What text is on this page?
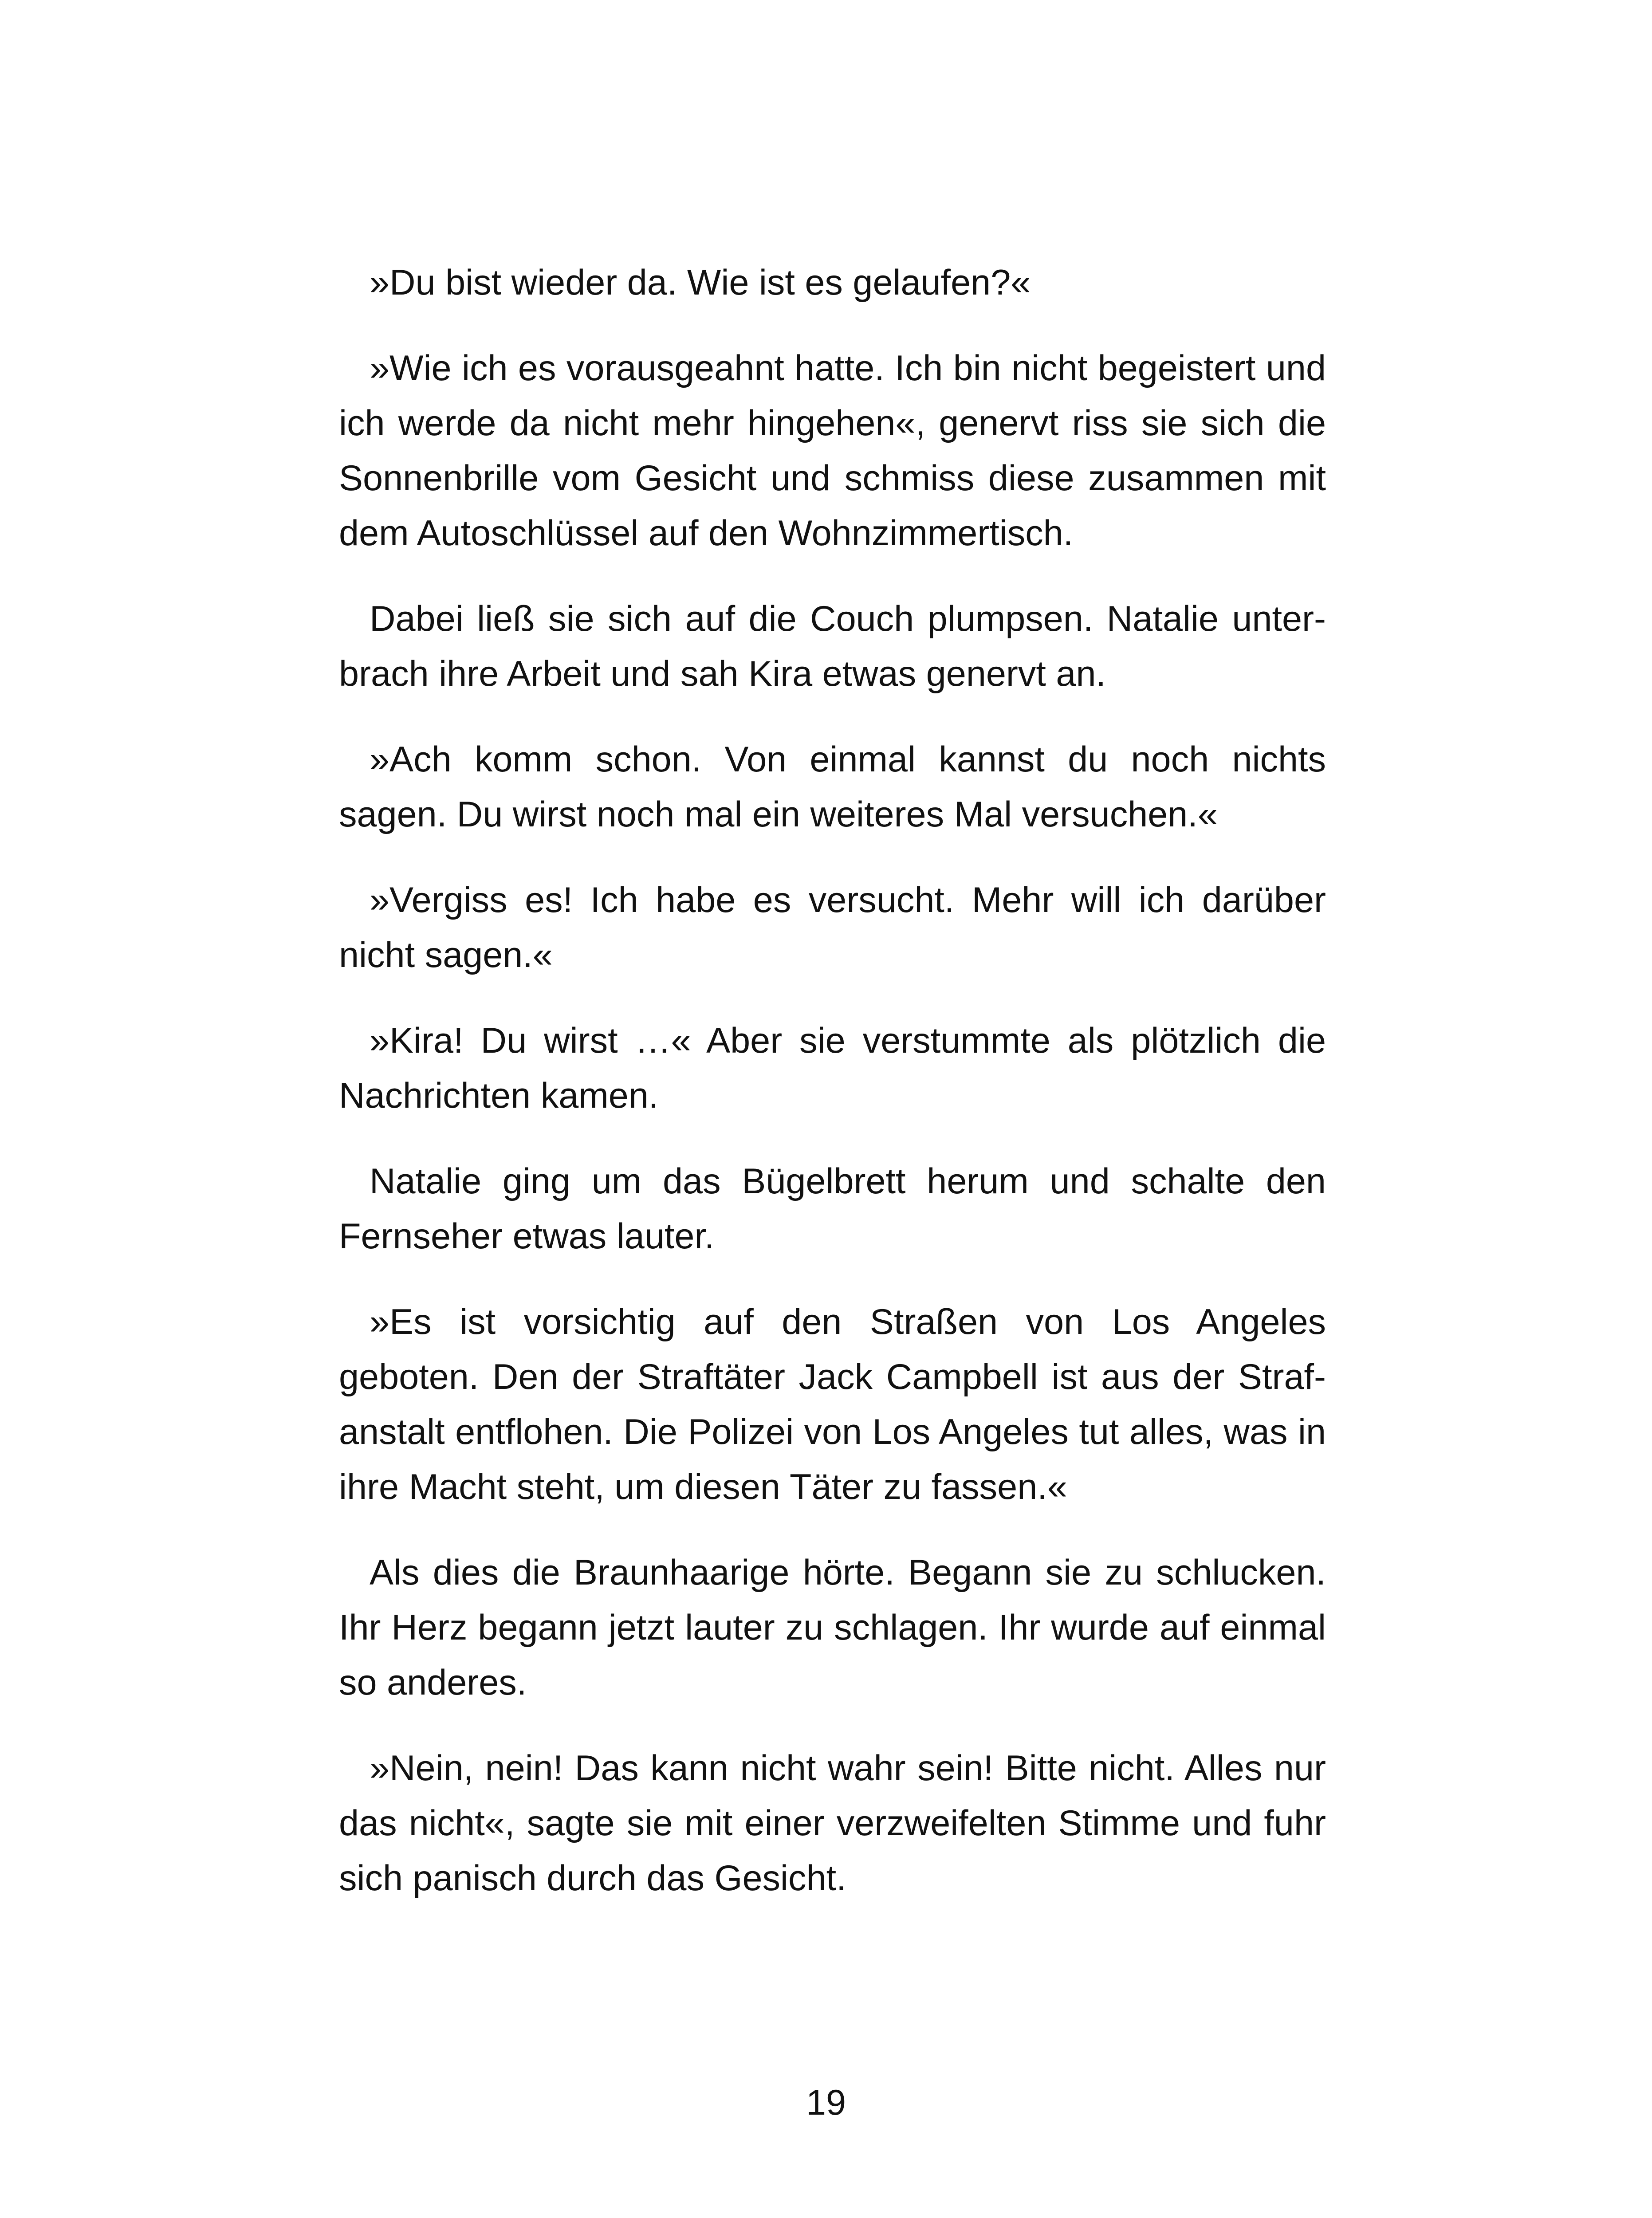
»Du bist wieder da. Wie ist es gelaufen?«

»Wie ich es vorausgeahnt hatte. Ich bin nicht begeistert und ich werde da nicht mehr hingehen«, genervt riss sie sich die Sonnenbrille vom Gesicht und schmiss diese zusammen mit dem Autoschlüssel auf den Wohnzimmertisch.

Dabei ließ sie sich auf die Couch plumpsen. Natalie unterbrach ihre Arbeit und sah Kira etwas genervt an.

»Ach komm schon. Von einmal kannst du noch nichts sagen. Du wirst noch mal ein weiteres Mal versuchen.«

»Vergiss es! Ich habe es versucht. Mehr will ich darüber nicht sagen.«

»Kira! Du wirst …« Aber sie verstummte als plötzlich die Nachrichten kamen.

Natalie ging um das Bügelbrett herum und schalte den Fernseher etwas lauter.

»Es ist vorsichtig auf den Straßen von Los Angeles geboten. Den der Straftäter Jack Campbell ist aus der Strafanstalt entflohen. Die Polizei von Los Angeles tut alles, was in ihre Macht steht, um diesen Täter zu fassen.«

Als dies die Braunhaarige hörte. Begann sie zu schlucken. Ihr Herz begann jetzt lauter zu schlagen. Ihr wurde auf einmal so anderes.

»Nein, nein! Das kann nicht wahr sein! Bitte nicht. Alles nur das nicht«, sagte sie mit einer verzweifelten Stimme und fuhr sich panisch durch das Gesicht.

19
